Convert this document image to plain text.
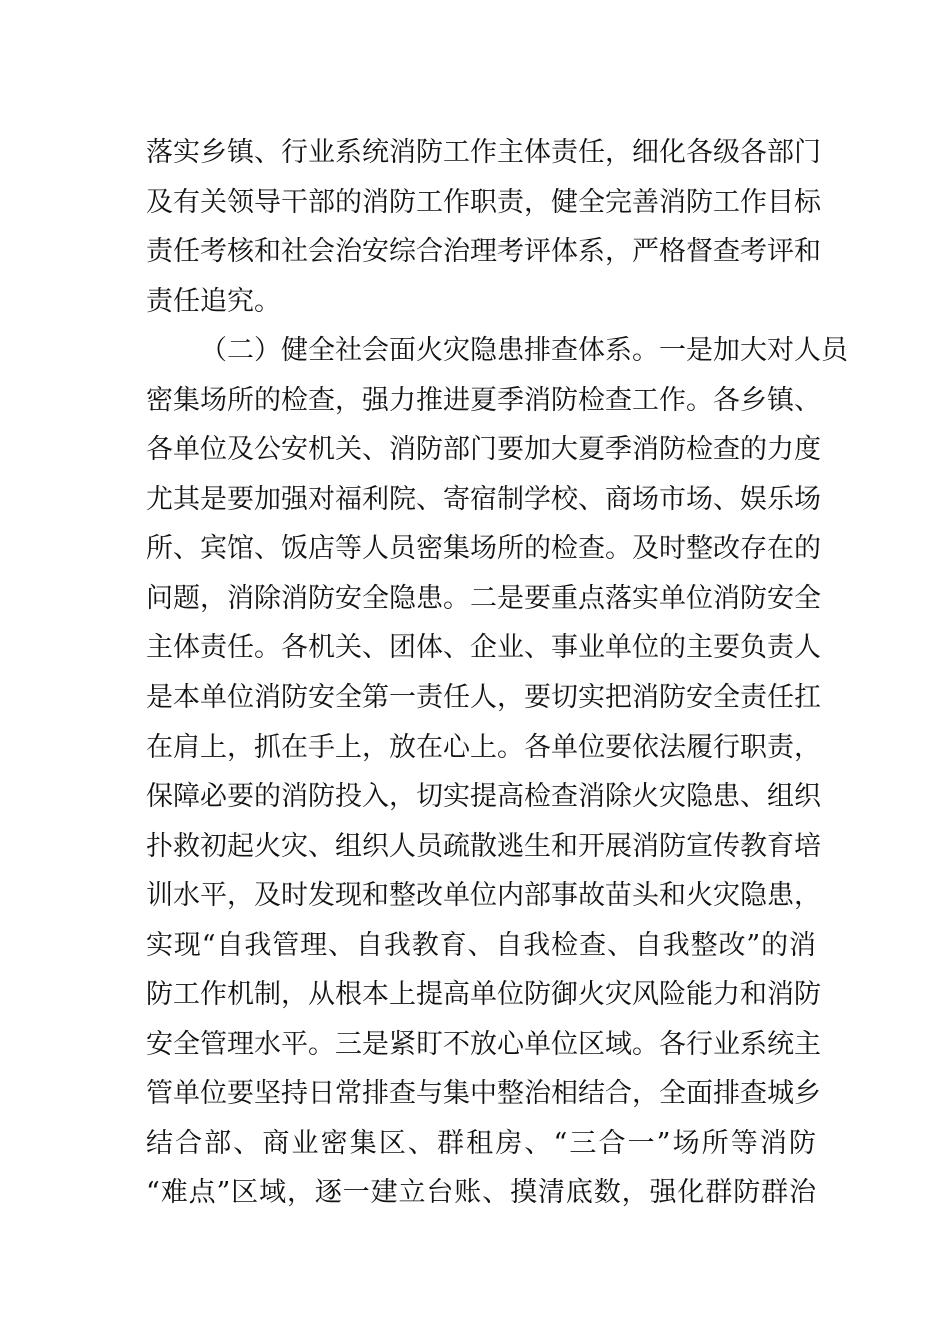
落实乡镇、行业系统消防工作主体责任，细化各级各部门
及有关领导干部的消防工作职责，健全完善消防工作目标
责任考核和社会治安综合治理考评体系，严格督查考评和
责任追究。
（二）健全社会面火灾隐患排查体系。一是加大对人员
密集场所的检查，强力推进夏季消防检查工作。各乡镇、
各单位及公安机关、消防部门要加大夏季消防检查的力度
尤其是要加强对福利院、寄宿制学校、商场市场、娱乐场
所、宾馆、饭店等人员密集场所的检查。及时整改存在的
问题，消除消防安全隐患。二是要重点落实单位消防安全
主体责任。各机关、团体、企业、事业单位的主要负责人
是本单位消防安全第一责任人，要切实把消防安全责任扛
在肩上，抓在手上，放在心上。各单位要依法履行职责，
保障必要的消防投入，切实提高检查消除火灾隐患、组织
扑救初起火灾、组织人员疏散逃生和开展消防宣传教育培
训水平，及时发现和整改单位内部事故苗头和火灾隐患，
实现“自我管理、自我教育、自我检查、自我整改”的消
防工作机制，从根本上提高单位防御火灾风险能力和消防
安全管理水平。三是紧盯不放心单位区域。各行业系统主
管单位要坚持日常排查与集中整治相结合，全面排查城乡
结合部、商业密集区、群租房、“三合一”场所等消防
“难点”区域，逐一建立台账、摸清底数，强化群防群治
